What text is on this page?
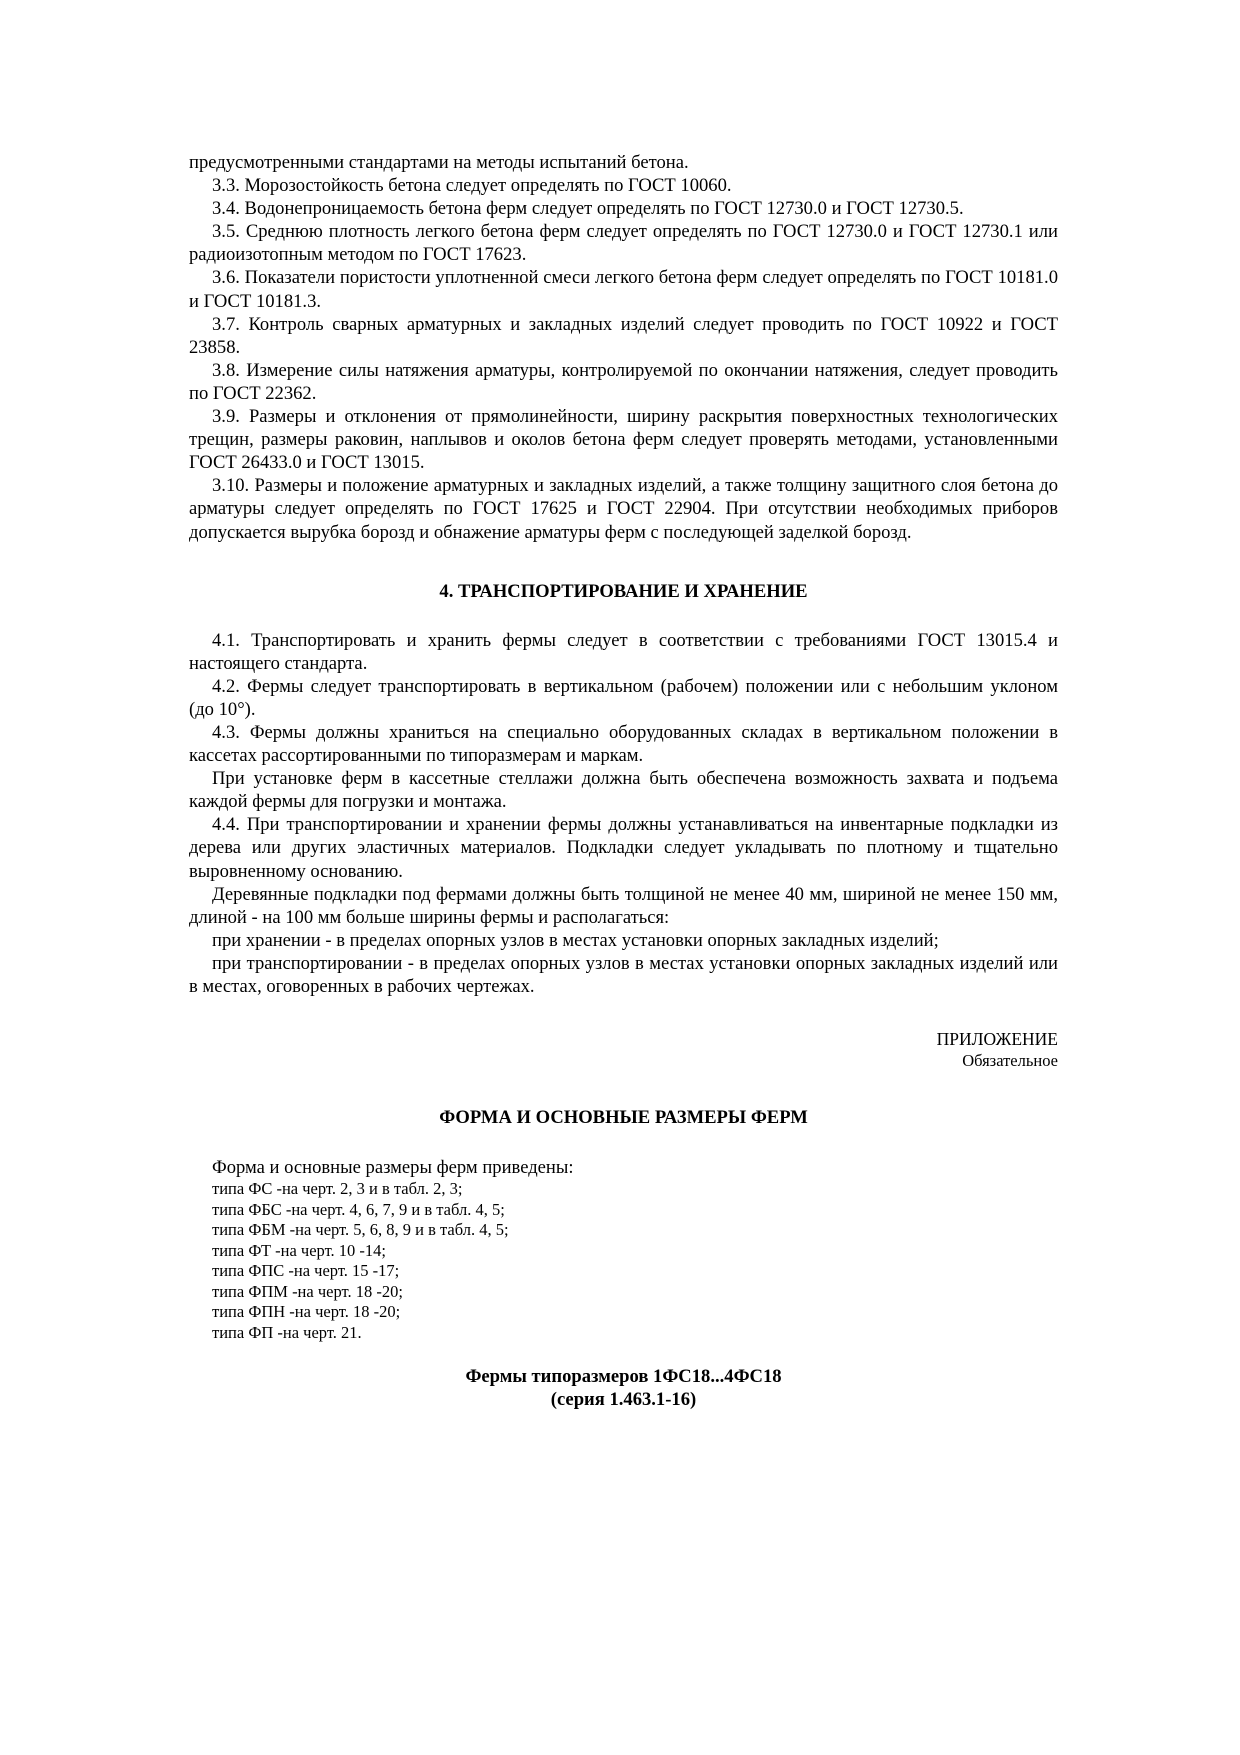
предусмотренными стандартами на методы испытаний бетона.

3.3. Морозостойкость бетона следует определять по ГОСТ 10060.

3.4. Водонепроницаемость бетона ферм следует определять по ГОСТ 12730.0 и ГОСТ 12730.5.

3.5. Среднюю плотность легкого бетона ферм следует определять по ГОСТ 12730.0 и ГОСТ 12730.1 или радиоизотопным методом по ГОСТ 17623.

3.6. Показатели пористости уплотненной смеси легкого бетона ферм следует определять по ГОСТ 10181.0 и ГОСТ 10181.3.

3.7. Контроль сварных арматурных и закладных изделий следует проводить по ГОСТ 10922 и ГОСТ 23858.

3.8. Измерение силы натяжения арматуры, контролируемой по окончании натяжения, следует проводить по ГОСТ 22362.

3.9. Размеры и отклонения от прямолинейности, ширину раскрытия поверхностных технологических трещин, размеры раковин, наплывов и околов бетона ферм следует проверять методами, установленными ГОСТ 26433.0 и ГОСТ 13015.

3.10. Размеры и положение арматурных и закладных изделий, а также толщину защитного слоя бетона до арматуры следует определять по ГОСТ 17625 и ГОСТ 22904. При отсутствии необходимых приборов допускается вырубка борозд и обнажение арматуры ферм с последующей заделкой борозд.

4. ТРАНСПОРТИРОВАНИЕ И ХРАНЕНИЕ

4.1. Транспортировать и хранить фермы следует в соответствии с требованиями ГОСТ 13015.4 и настоящего стандарта.

4.2. Фермы следует транспортировать в вертикальном (рабочем) положении или с небольшим уклоном (до 10°).

4.3. Фермы должны храниться на специально оборудованных складах в вертикальном положении в кассетах рассортированными по типоразмерам и маркам.

При установке ферм в кассетные стеллажи должна быть обеспечена возможность захвата и подъема каждой фермы для погрузки и монтажа.

4.4. При транспортировании и хранении фермы должны устанавливаться на инвентарные подкладки из дерева или других эластичных материалов. Подкладки следует укладывать по плотному и тщательно выровненному основанию.

Деревянные подкладки под фермами должны быть толщиной не менее 40 мм, шириной не менее 150 мм, длиной - на 100 мм больше ширины фермы и располагаться:

при хранении - в пределах опорных узлов в местах установки опорных закладных изделий;

при транспортировании - в пределах опорных узлов в местах установки опорных закладных изделий или в местах, оговоренных в рабочих чертежах.

ПРИЛОЖЕНИЕ
Обязательное
ФОРМА И ОСНОВНЫЕ РАЗМЕРЫ ФЕРМ

Форма и основные размеры ферм приведены:

типа ФС -на черт. 2, 3 и в табл. 2, 3;
типа ФБС -на черт. 4, 6, 7, 9 и в табл. 4, 5;
типа ФБМ -на черт. 5, 6, 8, 9 и в табл. 4, 5;
типа ФТ -на черт. 10 -14;
типа ФПС -на черт. 15 -17;
типа ФПМ -на черт. 18 -20;
типа ФПН -на черт. 18 -20;
типа ФП -на черт. 21.
Фермы типоразмеров 1ФС18...4ФС18
(серия 1.463.1-16)
